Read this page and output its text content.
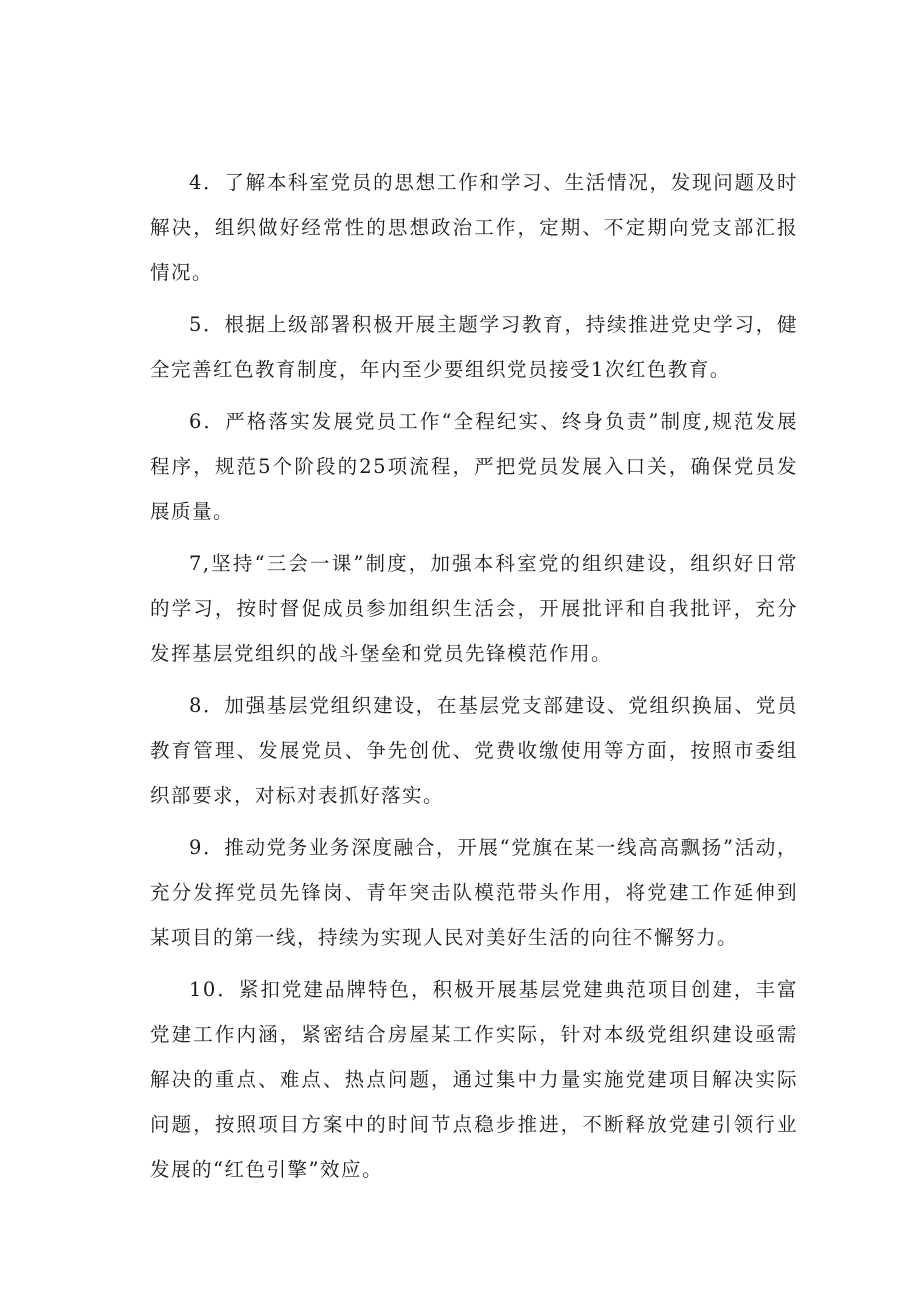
4．了解本科室党员的思想工作和学习、生活情况，发现问题及时解决，组织做好经常性的思想政治工作，定期、不定期向党支部汇报情况。

5．根据上级部署积极开展主题学习教育，持续推进党史学习，健全完善红色教育制度，年内至少要组织党员接受1次红色教育。

6．严格落实发展党员工作“全程纪实、终身负责”制度,规范发展程序，规范5个阶段的25项流程，严把党员发展入口关，确保党员发展质量。

7,坚持“三会一课”制度，加强本科室党的组织建设，组织好日常的学习，按时督促成员参加组织生活会，开展批评和自我批评，充分发挥基层党组织的战斗堡垒和党员先锋模范作用。

8．加强基层党组织建设，在基层党支部建设、党组织换届、党员教育管理、发展党员、争先创优、党费收缴使用等方面，按照市委组织部要求，对标对表抓好落实。

9．推动党务业务深度融合，开展“党旗在某一线高高飘扬”活动，充分发挥党员先锋岗、青年突击队模范带头作用，将党建工作延伸到某项目的第一线，持续为实现人民对美好生活的向往不懈努力。

10．紧扣党建品牌特色，积极开展基层党建典范项目创建，丰富党建工作内涵，紧密结合房屋某工作实际，针对本级党组织建设亟需解决的重点、难点、热点问题，通过集中力量实施党建项目解决实际问题，按照项目方案中的时间节点稳步推进，不断释放党建引领行业发展的“红色引擎”效应。
